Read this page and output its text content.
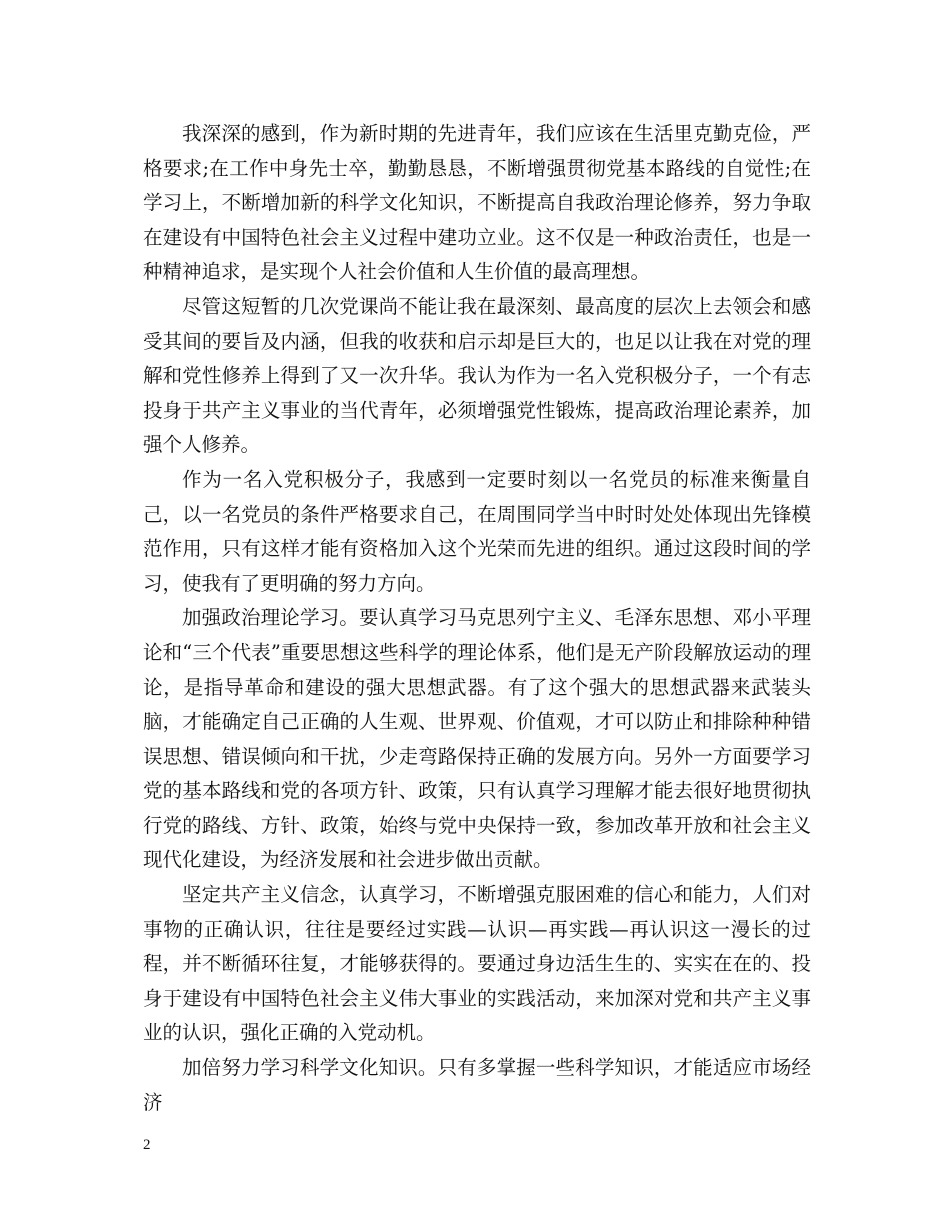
我深深的感到，作为新时期的先进青年，我们应该在生活里克勤克俭，严格要求;在工作中身先士卒，勤勤恳恳，不断增强贯彻党基本路线的自觉性;在学习上，不断增加新的科学文化知识，不断提高自我政治理论修养，努力争取在建设有中国特色社会主义过程中建功立业。这不仅是一种政治责任，也是一种精神追求，是实现个人社会价值和人生价值的最高理想。

尽管这短暂的几次党课尚不能让我在最深刻、最高度的层次上去领会和感受其间的要旨及内涵，但我的收获和启示却是巨大的，也足以让我在对党的理解和党性修养上得到了又一次升华。我认为作为一名入党积极分子，一个有志投身于共产主义事业的当代青年，必须增强党性锻炼，提高政治理论素养，加强个人修养。

作为一名入党积极分子，我感到一定要时刻以一名党员的标准来衡量自己，以一名党员的条件严格要求自己，在周围同学当中时时处处体现出先锋模范作用，只有这样才能有资格加入这个光荣而先进的组织。通过这段时间的学习，使我有了更明确的努力方向。

加强政治理论学习。要认真学习马克思列宁主义、毛泽东思想、邓小平理论和“三个代表”重要思想这些科学的理论体系，他们是无产阶段解放运动的理论，是指导革命和建设的强大思想武器。有了这个强大的思想武器来武装头脑，才能确定自己正确的人生观、世界观、价值观，才可以防止和排除种种错误思想、错误倾向和干扰，少走弯路保持正确的发展方向。另外一方面要学习党的基本路线和党的各项方针、政策，只有认真学习理解才能去很好地贯彻执行党的路线、方针、政策，始终与党中央保持一致，参加改革开放和社会主义现代化建设，为经济发展和社会进步做出贡献。

坚定共产主义信念，认真学习，不断增强克服困难的信心和能力，人们对事物的正确认识，往往是要经过实践—认识—再实践—再认识这一漫长的过程，并不断循环往复，才能够获得的。要通过身边活生生的、实实在在的、投身于建设有中国特色社会主义伟大事业的实践活动，来加深对党和共产主义事业的认识，强化正确的入党动机。

加倍努力学习科学文化知识。只有多掌握一些科学知识，才能适应市场经济

2
